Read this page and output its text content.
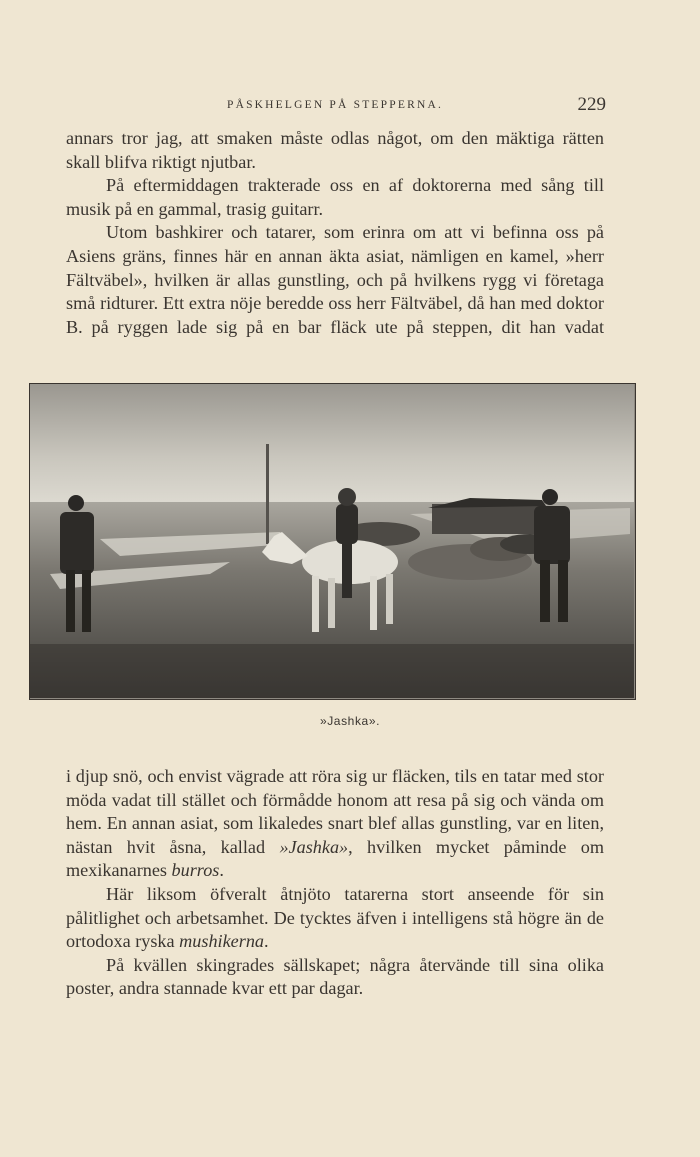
PÅSKHELGEN PÅ STEPPERNA.	229

annars tror jag, att smaken måste odlas något, om den mäktiga rätten skall blifva riktigt njutbar.

På eftermiddagen trakterade oss en af doktorerna med sång till musik på en gammal, trasig guitarr.

Utom bashkirer och tatarer, som erinra om att vi befinna oss på Asiens gräns, finnes här en annan äkta asiat, nämligen en kamel, »herr Fältväbel», hvilken är allas gunstling, och på hvilkens rygg vi företaga små ridturer. Ett extra nöje beredde oss herr Fältväbel, då han med doktor B. på ryggen lade sig på en bar fläck ute på steppen, dit han vadat

»Jashka».

i djup snö, och envist vägrade att röra sig ur fläcken, tils en tatar med stor möda vadat till stället och förmådde honom att resa på sig och vända om hem. En annan asiat, som likaledes snart blef allas gunstling, var en liten, nästan hvit åsna, kallad »Jashka», hvilken mycket påminde om mexikanarnes burros.

Här liksom öfveralt åtnjöto tatarerna stort anseende för sin pålitlighet och arbetsamhet. De tycktes äfven i intelligens stå högre än de ortodoxa ryska mushikerna.

På kvällen skingrades sällskapet; några återvände till sina olika poster, andra stannade kvar ett par dagar.
